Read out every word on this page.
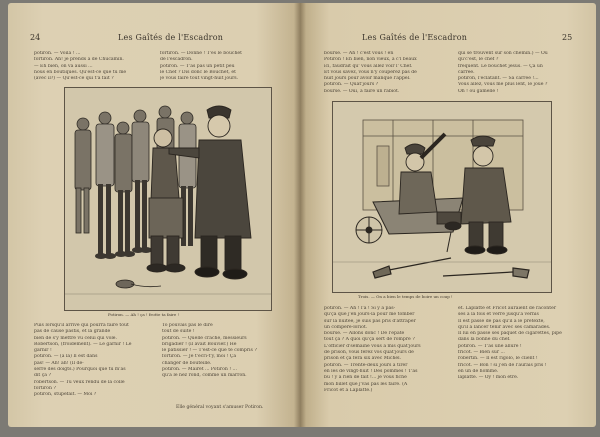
24	Les Gaîtés de l'Escadron

potiron. — Voilà ! ...

fortiron. Ah! je prends à de Chucamin.

— Eh bien, on va aussi ...

nous en boutiques. Qu'est-ce que tu me

(avec il?) — Qu'est-ce qui t'a fait ?

fortiron. — Donne ! T'es le bouchet

de l'escadron.

potiron. — T'as pas un petit peu

le Chef ? Dis donc le Bouchet, et

je vous faire tout vingt-huit jours.

Potiron. — Ah ! ça ! frotte ta faire !

Puis lorsqu'il arrive qui pourra faire tout

pas de cause pastis, et la grande

bien de s'y mettre vu celui qui vole.

Robertson, (froidement). — Le garnir ! Le

garnir !

potiron. — (à la) Il est dans

pas! — Ah! ah! (Il dé-

serre des doigts.) Pourquoi que tu m'as

dit ça ?

robertson. — Tu veux rendu de la colle

fortiron ?

potiron, stupéfait. — Moi ?

To pouvais pas le dire

tout de suite !

potiron. — Quelle crache, messieurs

brigadier ! (il avait Bouvier.) Hé

le pâtissier ! — T'est-ce que te compris ?

fortiron. — Je t'écri-t'y, moi ! Ça

changer de bouteille.

potiron. — Mairet ... Potiron ! ...

qu'à le nez rond, comme un marron.

Elle général voyant s'amuser Potiron.
Les Gaîtés de l'Escadron	25

bourse. — Ah ! c'est vous ! en

Potiron ! Eh bien, non vieux, à c'l beaux

ici, faudrait qu' vous allez voir l' Chef.

Et vous savez, vous n'y couperez pas de

huit jours pour avoir manqué l'appel.

potiron. — Quat'jours ?

bourse. — Oui, à faire un rabiot.

qui se trouvent sur son chemin.) — Où

qu'c'est, le chef ?

fréquent. Le bouchet jésus. — Ça un

carrée.

potiron, l'éclatant. — Sa carrée !...

Vous allez, vous me plus lent, le joue ?

Oh ! ou gamelle !

Trois. — On a bien le temps de boire un coup !

potiron. — Ah ! l'a ! Si y a pas-

qu'ça que j'en jours-là pour me tomber

sur la nuitée, je suis pas pris d'attraper

un compère-loriot.

bourse. — Allons donc ! De l'épate

tout ça ? À quoi qu'ça sert de rompre ?

L'officier d'semaine vous a mis quat'jours

de prison, vous ferez vos quat'jours de

prison et ça fera six avec Michel.

potiron. — Trente-deux jours à tirer

en les de vingt-huit ! Des pommes ! T'as

bu ! y a rien de fait !... je vous fiche

mon billet que j'vas pas les faire. (A

Fricot et à Laplatte.)

et. Laplatte et Fricot auraient de raconter

ses à la fois et verre jusqu'à vernis

Il est passé de pas qu'il a le prétexte,

qu'il a lancer tenir avec ses camarades.

Il lui en passe ses paquet de cigarettes, pipe

dans la bonne du chef.

potiron. — T'as une allure !

fricot. — Bien sûr ...

robertin. — Il est rigolo, le client !

fricot. — Bon ! si j'en de l'aurais pris !

en un de homme.

laplatte. — Oy ! mon être.
